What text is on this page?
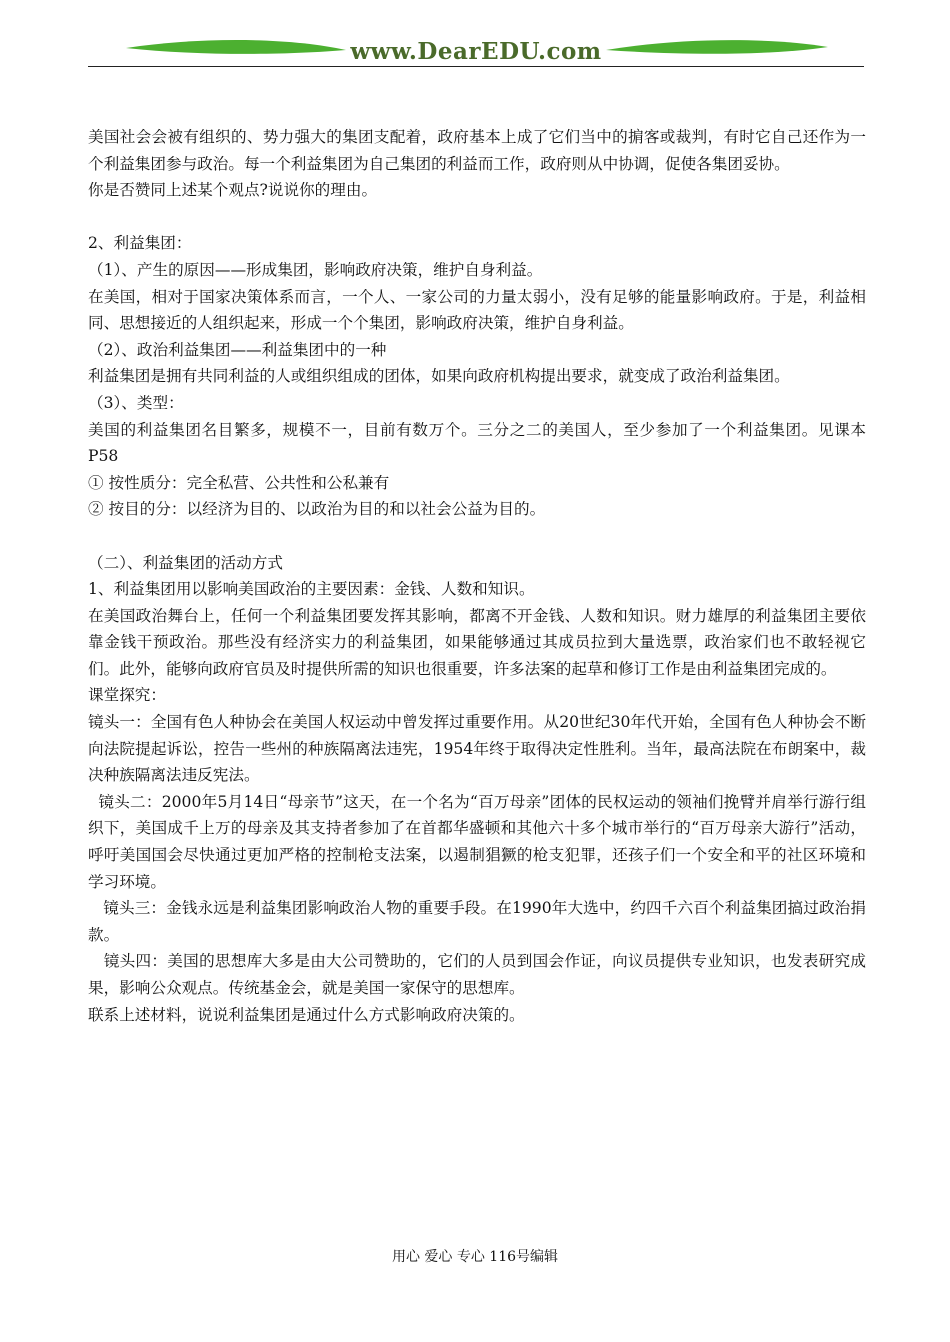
www.DearEDU.com

美国社会会被有组织的、势力强大的集团支配着，政府基本上成了它们当中的掮客或裁判，有时它自己还作为一个利益集团参与政治。每一个利益集团为自己集团的利益而工作，政府则从中协调，促使各集团妥协。

你是否赞同上述某个观点?说说你的理由。

2、利益集团：

（1）、产生的原因——形成集团，影响政府决策，维护自身利益。

在美国，相对于国家决策体系而言，一个人、一家公司的力量太弱小，没有足够的能量影响政府。于是，利益相同、思想接近的人组织起来，形成一个个集团，影响政府决策，维护自身利益。

（2）、政治利益集团——利益集团中的一种

利益集团是拥有共同利益的人或组织组成的团体，如果向政府机构提出要求，就变成了政治利益集团。

（3）、类型：

美国的利益集团名目繁多，规模不一，目前有数万个。三分之二的美国人，至少参加了一个利益集团。见课本P58

① 按性质分：完全私营、公共性和公私兼有

② 按目的分：以经济为目的、以政治为目的和以社会公益为目的。

（二）、利益集团的活动方式

1、利益集团用以影响美国政治的主要因素：金钱、人数和知识。

在美国政治舞台上，任何一个利益集团要发挥其影响，都离不开金钱、人数和知识。财力雄厚的利益集团主要依靠金钱干预政治。那些没有经济实力的利益集团，如果能够通过其成员拉到大量选票，政治家们也不敢轻视它们。此外，能够向政府官员及时提供所需的知识也很重要，许多法案的起草和修订工作是由利益集团完成的。

课堂探究：

镜头一：全国有色人种协会在美国人权运动中曾发挥过重要作用。从20世纪30年代开始，全国有色人种协会不断向法院提起诉讼，控告一些州的种族隔离法违宪，1954年终于取得决定性胜利。当年，最高法院在布朗案中，裁决种族隔离法违反宪法。

镜头二：2000年5月14日“母亲节”这天，在一个名为“百万母亲”团体的民权运动的领袖们挽臂并肩举行游行组织下，美国成千上万的母亲及其支持者参加了在首都华盛顿和其他六十多个城市举行的“百万母亲大游行”活动，呼吁美国国会尽快通过更加严格的控制枪支法案，以遏制猖獗的枪支犯罪，还孩子们一个安全和平的社区环境和学习环境。

镜头三：金钱永远是利益集团影响政治人物的重要手段。在1990年大选中，约四千六百个利益集团搞过政治捐款。

镜头四：美国的思想库大多是由大公司赞助的，它们的人员到国会作证，向议员提供专业知识，也发表研究成果，影响公众观点。传统基金会，就是美国一家保守的思想库。

联系上述材料，说说利益集团是通过什么方式影响政府决策的。

用心 爱心 专心 116号编辑
